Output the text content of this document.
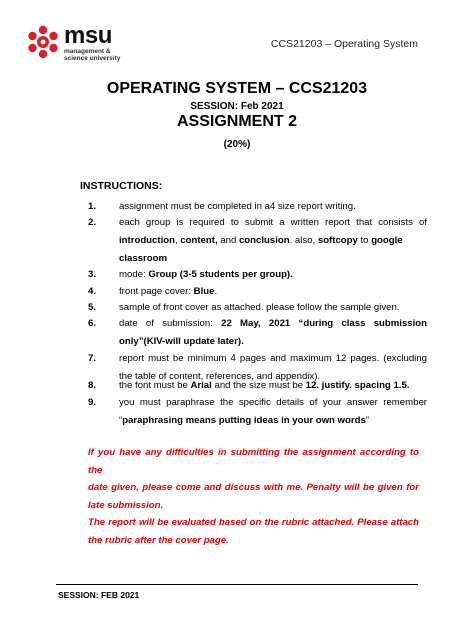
msu
management & science university
CCS21203 – Operating System
OPERATING SYSTEM – CCS21203
SESSION: Feb 2021
ASSIGNMENT 2
(20%)
INSTRUCTIONS:
1. assignment must be completed in a4 size report writing.
2. each group is required to submit a written report that consists of
introduction, content, and conclusion. also, softcopy to google classroom
3. mode: Group (3-5 students per group).
4. front page cover: Blue.
5. sample of front cover as attached. please follow the sample given.
6. date of submission: 22 May, 2021 “during class submission
only”(KIV-will update later).
7. report must be minimum 4 pages and maximum 12 pages. (excluding
the table of content, references, and appendix).
8. the font must be Arial and the size must be 12. justify. spacing 1.5.
9. you must paraphrase the specific details of your answer remember
“paraphrasing means putting ideas in your own words”
If you have any difficulties in submitting the assignment according to the
date given, please come and discuss with me. Penalty will be given for
late submission.
The report will be evaluated based on the rubric attached. Please attach
the rubric after the cover page.
SESSION: FEB 2021
